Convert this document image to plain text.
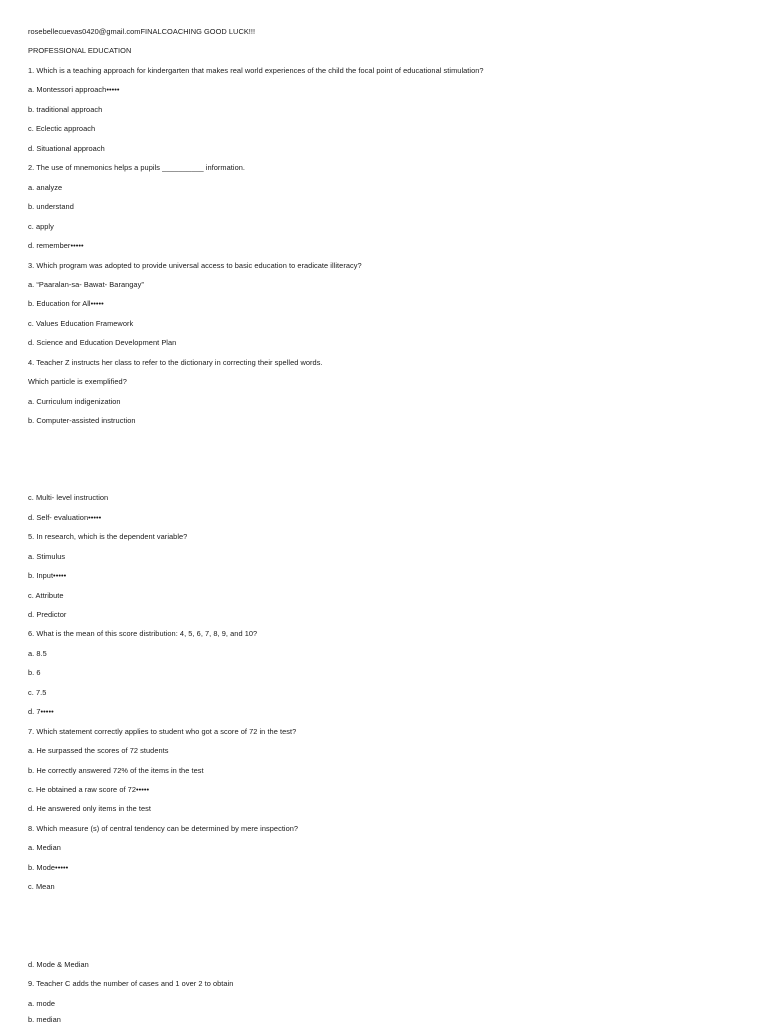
rosebellecuevas0420@gmail.comFINALCOACHING GOOD LUCK!!!
PROFESSIONAL EDUCATION
1. Which is a teaching approach for kindergarten that makes real world experiences of the child the focal point of educational stimulation?
a. Montessori approach•••••
b. traditional approach
c. Eclectic approach
d. Situational approach
2. The use of mnemonics helps a pupils __________ information.
a. analyze
b. understand
c. apply
d. remember•••••
3. Which program was adopted to provide universal access to basic education to eradicate illiteracy?
a. “Paaralan-sa- Bawat- Barangay”
b. Education for All•••••
c. Values Education Framework
d. Science and Education Development Plan
4. Teacher Z instructs her class to refer to the dictionary in correcting their spelled words.
Which particle is exemplified?
a. Curriculum indigenization
b. Computer-assisted instruction
c. Multi- level instruction
d. Self- evaluation•••••
5. In research, which is the dependent variable?
a. Stimulus
b. Input•••••
c. Attribute
d. Predictor
6. What is the mean of this score distribution: 4, 5, 6, 7, 8, 9, and 10?
a. 8.5
b. 6
c. 7.5
d. 7•••••
7. Which statement correctly applies to student who got a score of 72 in the test?
a. He surpassed the scores of 72 students
b. He correctly answered 72% of the items in the test
c. He obtained a raw score of 72•••••
d. He answered only items in the test
8. Which measure (s) of central tendency can be determined by mere inspection?
a. Median
b. Mode•••••
c. Mean
d. Mode & Median
9. Teacher C adds the number of cases and 1 over 2 to obtain
a. mode
b. median
